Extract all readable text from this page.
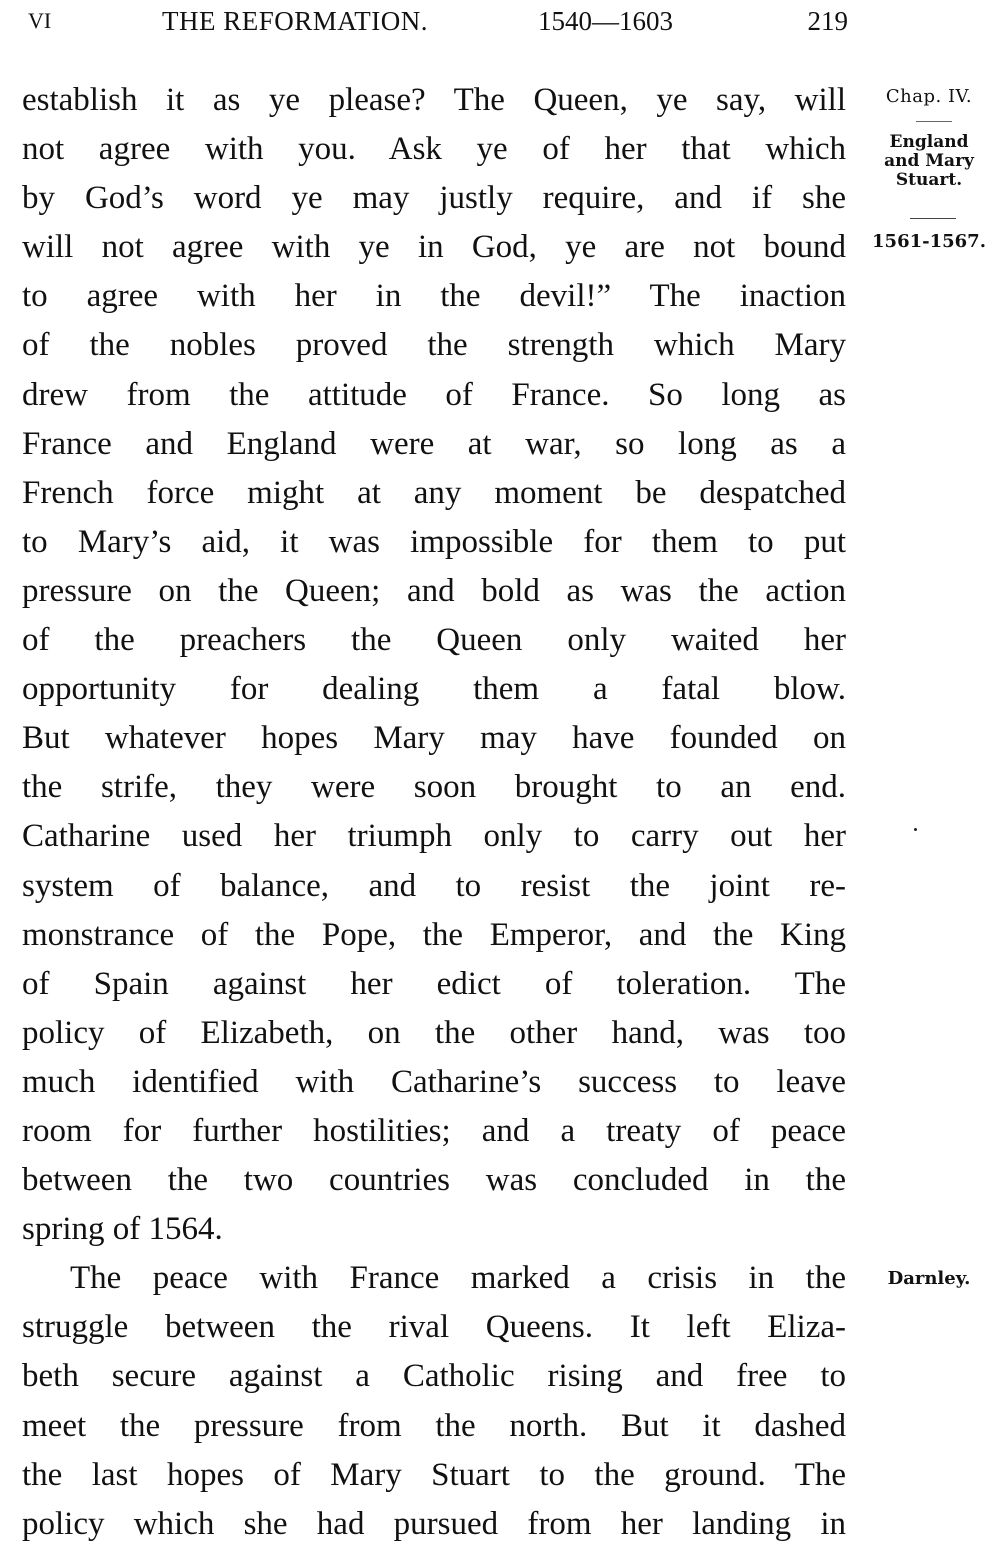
VI	THE REFORMATION.	1540—1603	219
establish it as ye please? The Queen, ye say, will
not agree with you. Ask ye of her that which
by God’s word ye may justly require, and if she
will not agree with ye in God, ye are not bound
to agree with her in the devil!” The inaction
of the nobles proved the strength which Mary
drew from the attitude of France. So long as
France and England were at war, so long as a
French force might at any moment be despatched
to Mary’s aid, it was impossible for them to put
pressure on the Queen; and bold as was the action
of the preachers the Queen only waited her
opportunity for dealing them a fatal blow.
But whatever hopes Mary may have founded on
the strife, they were soon brought to an end.
Catharine used her triumph only to carry out her
system of balance, and to resist the joint re-
monstrance of the Pope, the Emperor, and the King
of Spain against her edict of toleration. The
policy of Elizabeth, on the other hand, was too
much identified with Catharine’s success to leave
room for further hostilities; and a treaty of peace
between the two countries was concluded in the
spring of 1564.
The peace with France marked a crisis in the
struggle between the rival Queens. It left Eliza-
beth secure against a Catholic rising and free to
meet the pressure from the north. But it dashed
the last hopes of Mary Stuart to the ground. The
policy which she had pursued from her landing in
Chap. IV.
England
and Mary
Stuart.
1561-1567.
Darnley.
